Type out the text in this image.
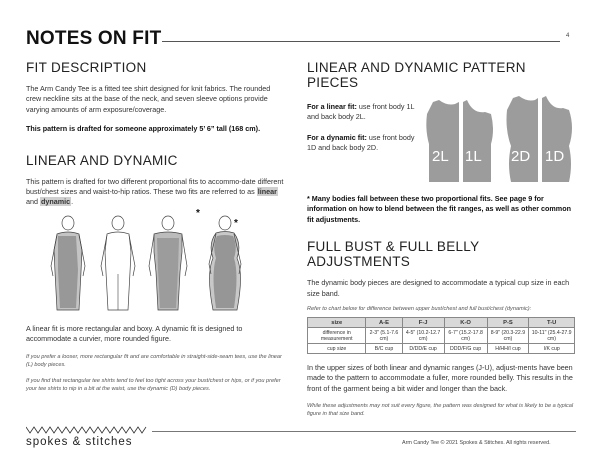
NOTES ON FIT	4
FIT DESCRIPTION

The Arm Candy Tee is a fitted tee shirt designed for knit fabrics. The rounded crew neckline sits at the base of the neck, and seven sleeve options provide varying amounts of arm exposure/coverage.

This pattern is drafted for someone approximately 5’ 6” tall (168 cm).

LINEAR AND DYNAMIC

This pattern is drafted for two different proportional fits to accommo-date different bust/chest sizes and waist-to-hip ratios. These two fits are referred to as linear and dynamic.

*
*

A linear fit is more rectangular and boxy. A dynamic fit is designed to accommodate a curvier, more rounded figure.

If you prefer a looser, more rectangular fit and are comfortable in straight-side-seam tees, use the linear (L) body pieces.

If you find that rectangular tee shirts tend to feel too tight across your bust/chest or hips, or if you prefer your tee shirts to nip in a bit at the waist, use the dynamic (D) body pieces.

LINEAR AND DYNAMIC PATTERN PIECES

For a linear fit: use front body 1L and back body 2L.

For a dynamic fit: use front body 1D and back body 2D.

2L 1L 2D 1D

* Many bodies fall between these two proportional fits. See page 9 for information on how to blend between the fit ranges, as well as other common fit adjustments.

FULL BUST & FULL BELLY ADJUSTMENTS

The dynamic body pieces are designed to accommodate a typical cup size in each size band.

Refer to chart below for difference between upper bust/chest and full bust/chest (dynamic):

size	A-E	F-J	K-O	P-S	T-U
difference in measurement	2-3" (5.1-7.6 cm)	4-5" (10.2-12.7 cm)	6-7" (15.2-17.8 cm)	8-9" (20.3-22.9 cm)	10-11" (25.4-27.9 cm)
cup size	B/C cup	D/DD/E cup	DDD/F/G cup	H/HH/I cup	I/K cup

In the upper sizes of both linear and dynamic ranges (J-U), adjust-ments have been made to the pattern to accommodate a fuller, more rounded belly. This results in the front of the garment being a bit wider and longer than the back.

While these adjustments may not suit every figure, the pattern was designed for what is likely to be a typical figure in that size band.

spokes & stitches	Arm Candy Tee © 2021 Spokes & Stitches. All rights reserved.
